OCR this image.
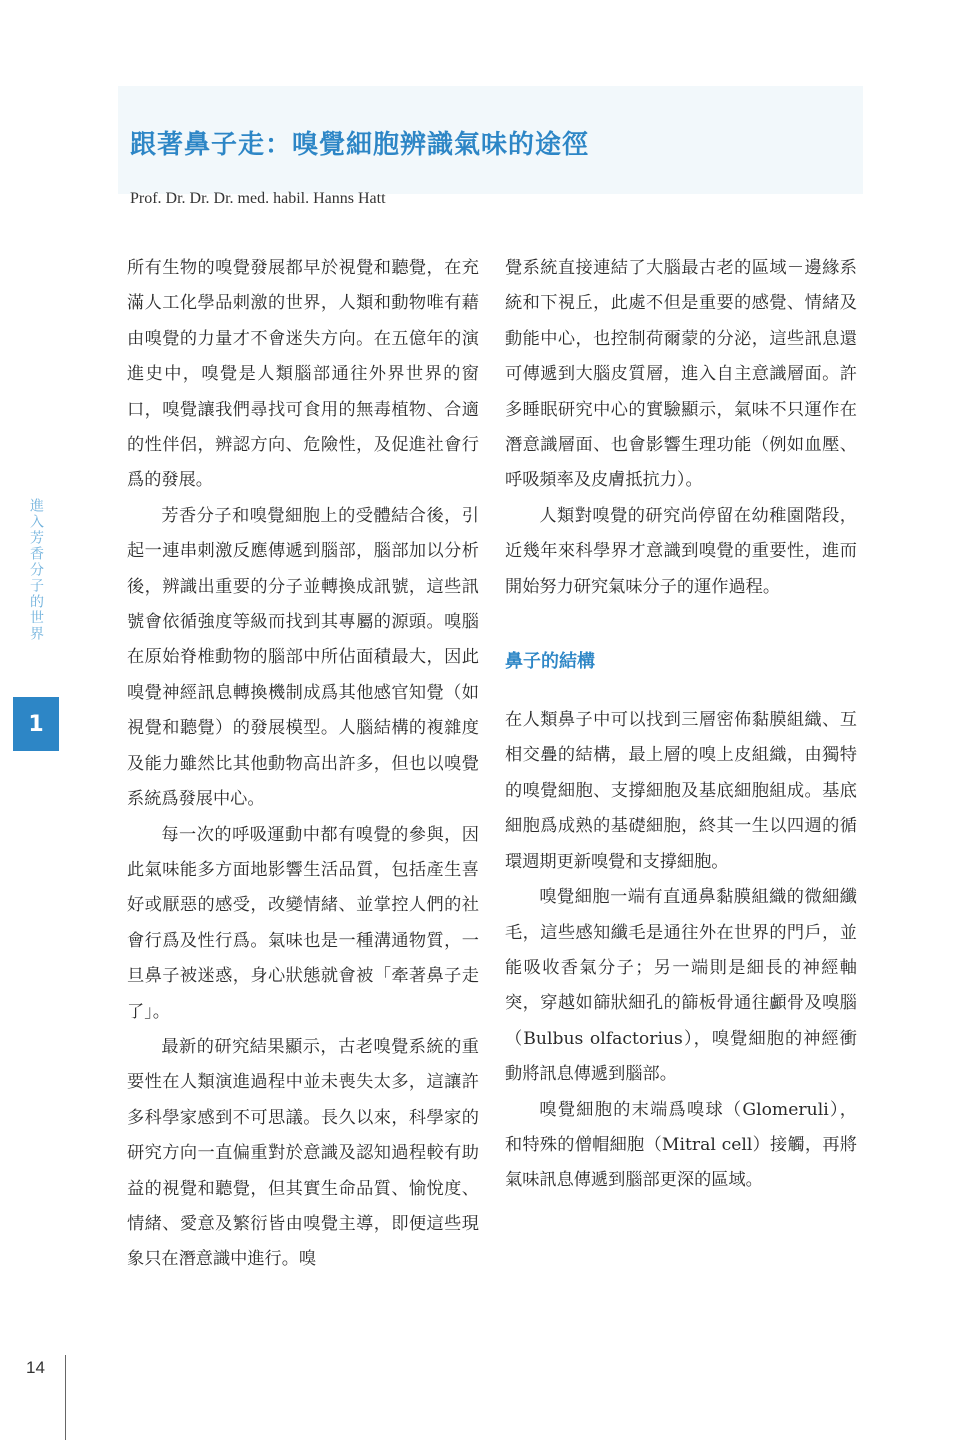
跟著鼻子走：嗅覺細胞辨識氣味的途徑
Prof. Dr. Dr. Dr. med. habil. Hanns Hatt
進入芳香分子的世界
1

所有生物的嗅覺發展都早於視覺和聽覺，在充滿人工化學品刺激的世界，人類和動物唯有藉由嗅覺的力量才不會迷失方向。在五億年的演進史中，嗅覺是人類腦部通往外界世界的窗口，嗅覺讓我們尋找可食用的無毒植物、合適的性伴侶，辨認方向、危險性，及促進社會行爲的發展。

芳香分子和嗅覺細胞上的受體結合後，引起一連串刺激反應傳遞到腦部，腦部加以分析後，辨識出重要的分子並轉換成訊號，這些訊號會依循強度等級而找到其專屬的源頭。嗅腦在原始脊椎動物的腦部中所佔面積最大，因此嗅覺神經訊息轉換機制成爲其他感官知覺（如視覺和聽覺）的發展模型。人腦結構的複雜度及能力雖然比其他動物高出許多，但也以嗅覺系統爲發展中心。

每一次的呼吸運動中都有嗅覺的參與，因此氣味能多方面地影響生活品質，包括產生喜好或厭惡的感受，改變情緒、並掌控人們的社會行爲及性行爲。氣味也是一種溝通物質，一旦鼻子被迷惑，身心狀態就會被「牽著鼻子走了」。

最新的研究結果顯示，古老嗅覺系統的重要性在人類演進過程中並未喪失太多，這讓許多科學家感到不可思議。長久以來，科學家的研究方向一直偏重對於意識及認知過程較有助益的視覺和聽覺，但其實生命品質、愉悅度、情緒、愛意及繁衍皆由嗅覺主導，即便這些現象只在潛意識中進行。嗅

覺系統直接連結了大腦最古老的區域－邊緣系統和下視丘，此處不但是重要的感覺、情緒及動能中心，也控制荷爾蒙的分泌，這些訊息還可傳遞到大腦皮質層，進入自主意識層面。許多睡眠研究中心的實驗顯示，氣味不只運作在潛意識層面、也會影響生理功能（例如血壓、呼吸頻率及皮膚抵抗力）。

人類對嗅覺的研究尚停留在幼稚園階段，近幾年來科學界才意識到嗅覺的重要性，進而開始努力研究氣味分子的運作過程。

鼻子的結構

在人類鼻子中可以找到三層密佈黏膜組織、互相交疊的結構，最上層的嗅上皮組織，由獨特的嗅覺細胞、支撐細胞及基底細胞組成。基底細胞爲成熟的基礎細胞，終其一生以四週的循環週期更新嗅覺和支撐細胞。

嗅覺細胞一端有直通鼻黏膜組織的微細纖毛，這些感知纖毛是通往外在世界的門戶，並能吸收香氣分子；另一端則是細長的神經軸突，穿越如篩狀細孔的篩板骨通往顱骨及嗅腦（Bulbus olfactorius），嗅覺細胞的神經衝動將訊息傳遞到腦部。

嗅覺細胞的末端爲嗅球（Glomeruli），和特殊的僧帽細胞（Mitral cell）接觸，再將氣味訊息傳遞到腦部更深的區域。

14
